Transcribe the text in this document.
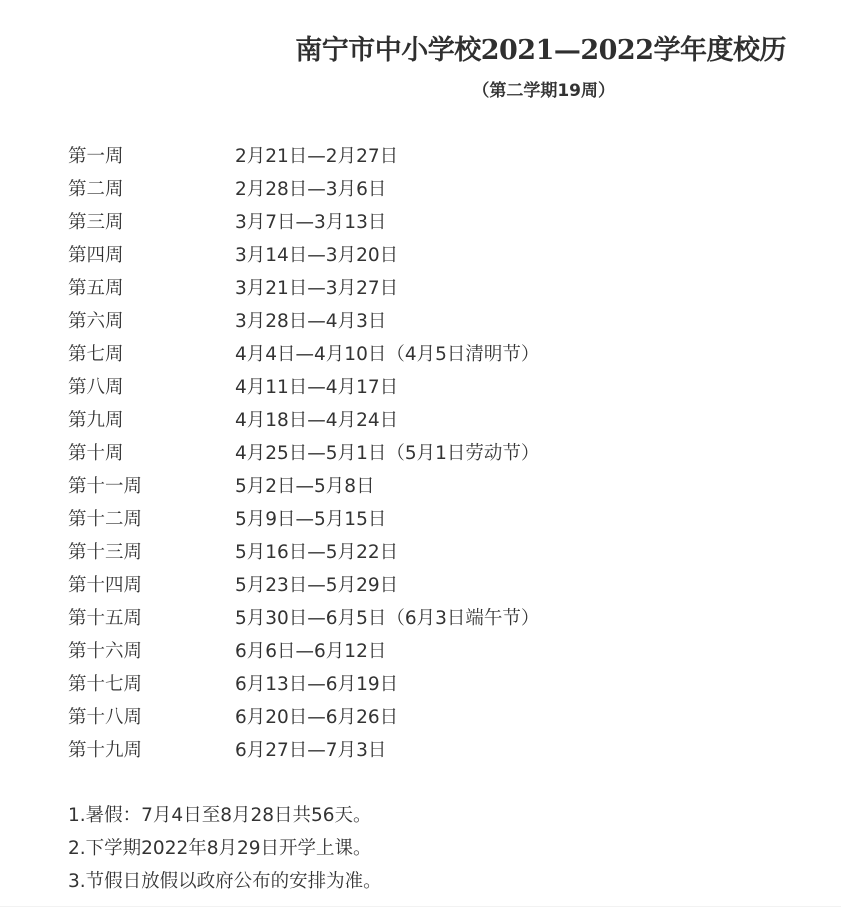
南宁市中小学校2021—2022学年度校历
（第二学期19周）
第一周	2月21日—2月27日
第二周	2月28日—3月6日
第三周	3月7日—3月13日
第四周	3月14日—3月20日
第五周	3月21日—3月27日
第六周	3月28日—4月3日
第七周	4月4日—4月10日（4月5日清明节）
第八周	4月11日—4月17日
第九周	4月18日—4月24日
第十周	4月25日—5月1日（5月1日劳动节）
第十一周	5月2日—5月8日
第十二周	5月9日—5月15日
第十三周	5月16日—5月22日
第十四周	5月23日—5月29日
第十五周	5月30日—6月5日（6月3日端午节）
第十六周	6月6日—6月12日
第十七周	6月13日—6月19日
第十八周	6月20日—6月26日
第十九周	6月27日—7月3日
1.暑假：7月4日至8月28日共56天。
2.下学期2022年8月29日开学上课。
3.节假日放假以政府公布的安排为准。
